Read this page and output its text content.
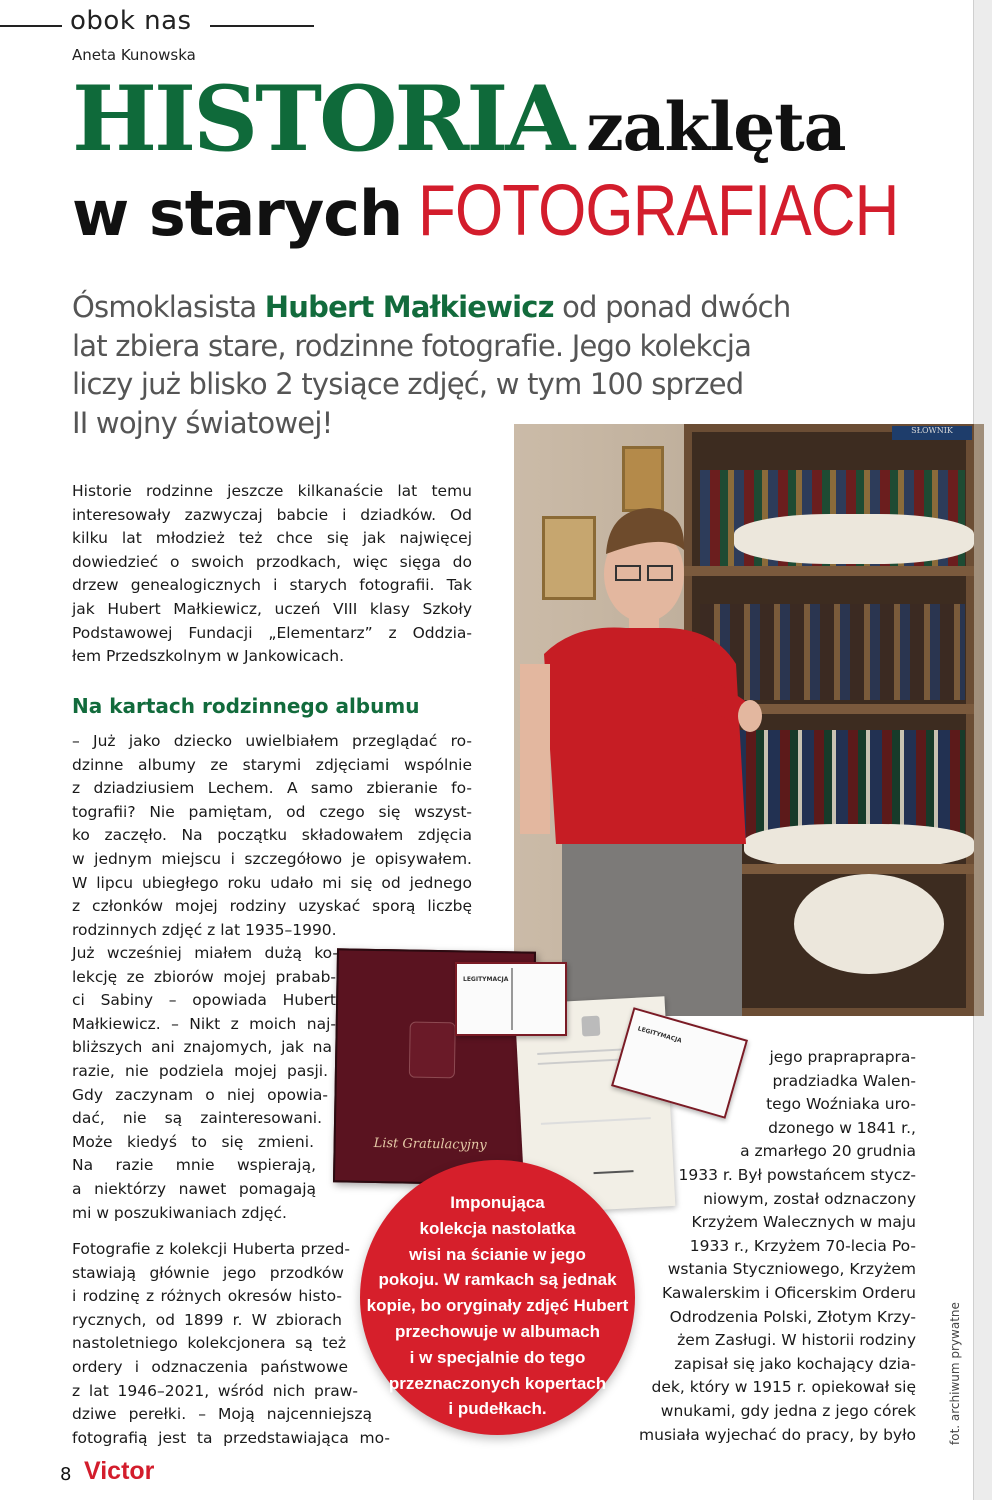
obok nas
Aneta Kunowska
HISTORIA zaklęta
w starych FOTOGRAFIACH
Ósmoklasista Hubert Małkiewicz od ponad dwóch
lat zbiera stare, rodzinne fotografie. Jego kolekcja
liczy już blisko 2 tysiące zdjęć, w tym 100 sprzed
II wojny światowej!	SŁOWNIK
List Gratulacyjny
LEGITYMACJA
LEGITYMACJA
Historie rodzinne jeszcze kilkanaście lat temu
interesowały zazwyczaj babcie i dziadków. Od
kilku lat młodzież też chce się jak najwięcej
dowiedzieć o swoich przodkach, więc sięga do
drzew genealogicznych i starych fotografii. Tak
jak Hubert Małkiewicz, uczeń VIII klasy Szkoły
Podstawowej Fundacji „Elementarz” z Oddzia-
łem Przedszkolnym w Jankowicach.
Na kartach rodzinnego albumu
– Już jako dziecko uwielbiałem przeglądać ro-
dzinne albumy ze starymi zdjęciami wspólnie
z dziadziusiem Lechem. A samo zbieranie fo-
tografii? Nie pamiętam, od czego się wszyst-
ko zaczęło. Na początku składowałem zdjęcia
w jednym miejscu i szczegółowo je opisywałem.
W lipcu ubiegłego roku udało mi się od jednego
z członków mojej rodziny uzyskać sporą liczbę
rodzinnych zdjęć z lat 1935–1990.
Już wcześniej miałem dużą ko-
lekcję ze zbiorów mojej prabab-
ci Sabiny – opowiada Hubert
Małkiewicz. – Nikt z moich naj-
bliższych ani znajomych, jak na
razie, nie podziela mojej pasji.
Gdy zaczynam o niej opowia-
dać, nie są zainteresowani.
Może kiedyś to się zmieni.
Na razie mnie wspierają,
a niektórzy nawet pomagają
mi w poszukiwaniach zdjęć.
Fotografie z kolekcji Huberta przed-
stawiają głównie jego przodków
i rodzinę z różnych okresów histo-
rycznych, od 1899 r. W zbiorach
nastoletniego kolekcjonera są też
ordery i odznaczenia państwowe
z lat 1946–2021, wśród nich praw-
dziwe perełki. – Moją najcenniejszą
fotografią jest ta przedstawiająca mo-
jego prapraprapra-
pradziadka Walen-
tego Woźniaka uro-
dzonego w 1841 r.,
a zmarłego 20 grudnia
1933 r. Był powstańcem stycz-
niowym, został odznaczony
Krzyżem Walecznych w maju
1933 r., Krzyżem 70-lecia Po-
wstania Styczniowego, Krzyżem
Kawalerskim i Oficerskim Orderu
Odrodzenia Polski, Złotym Krzy-
żem Zasługi. W historii rodziny
zapisał się jako kochający dzia-
dek, który w 1915 r. opiekował się
wnukami, gdy jedna z jego córek
musiała wyjechać do pracy, by było
Imponująca
kolekcja nastolatka
wisi na ścianie w jego
pokoju. W ramkach są jednak
kopie, bo oryginały zdjęć Hubert
przechowuje w albumach
i w specjalnie do tego
przeznaczonych kopertach
i pudełkach.
8 Victor
fot. archiwum prywatne
